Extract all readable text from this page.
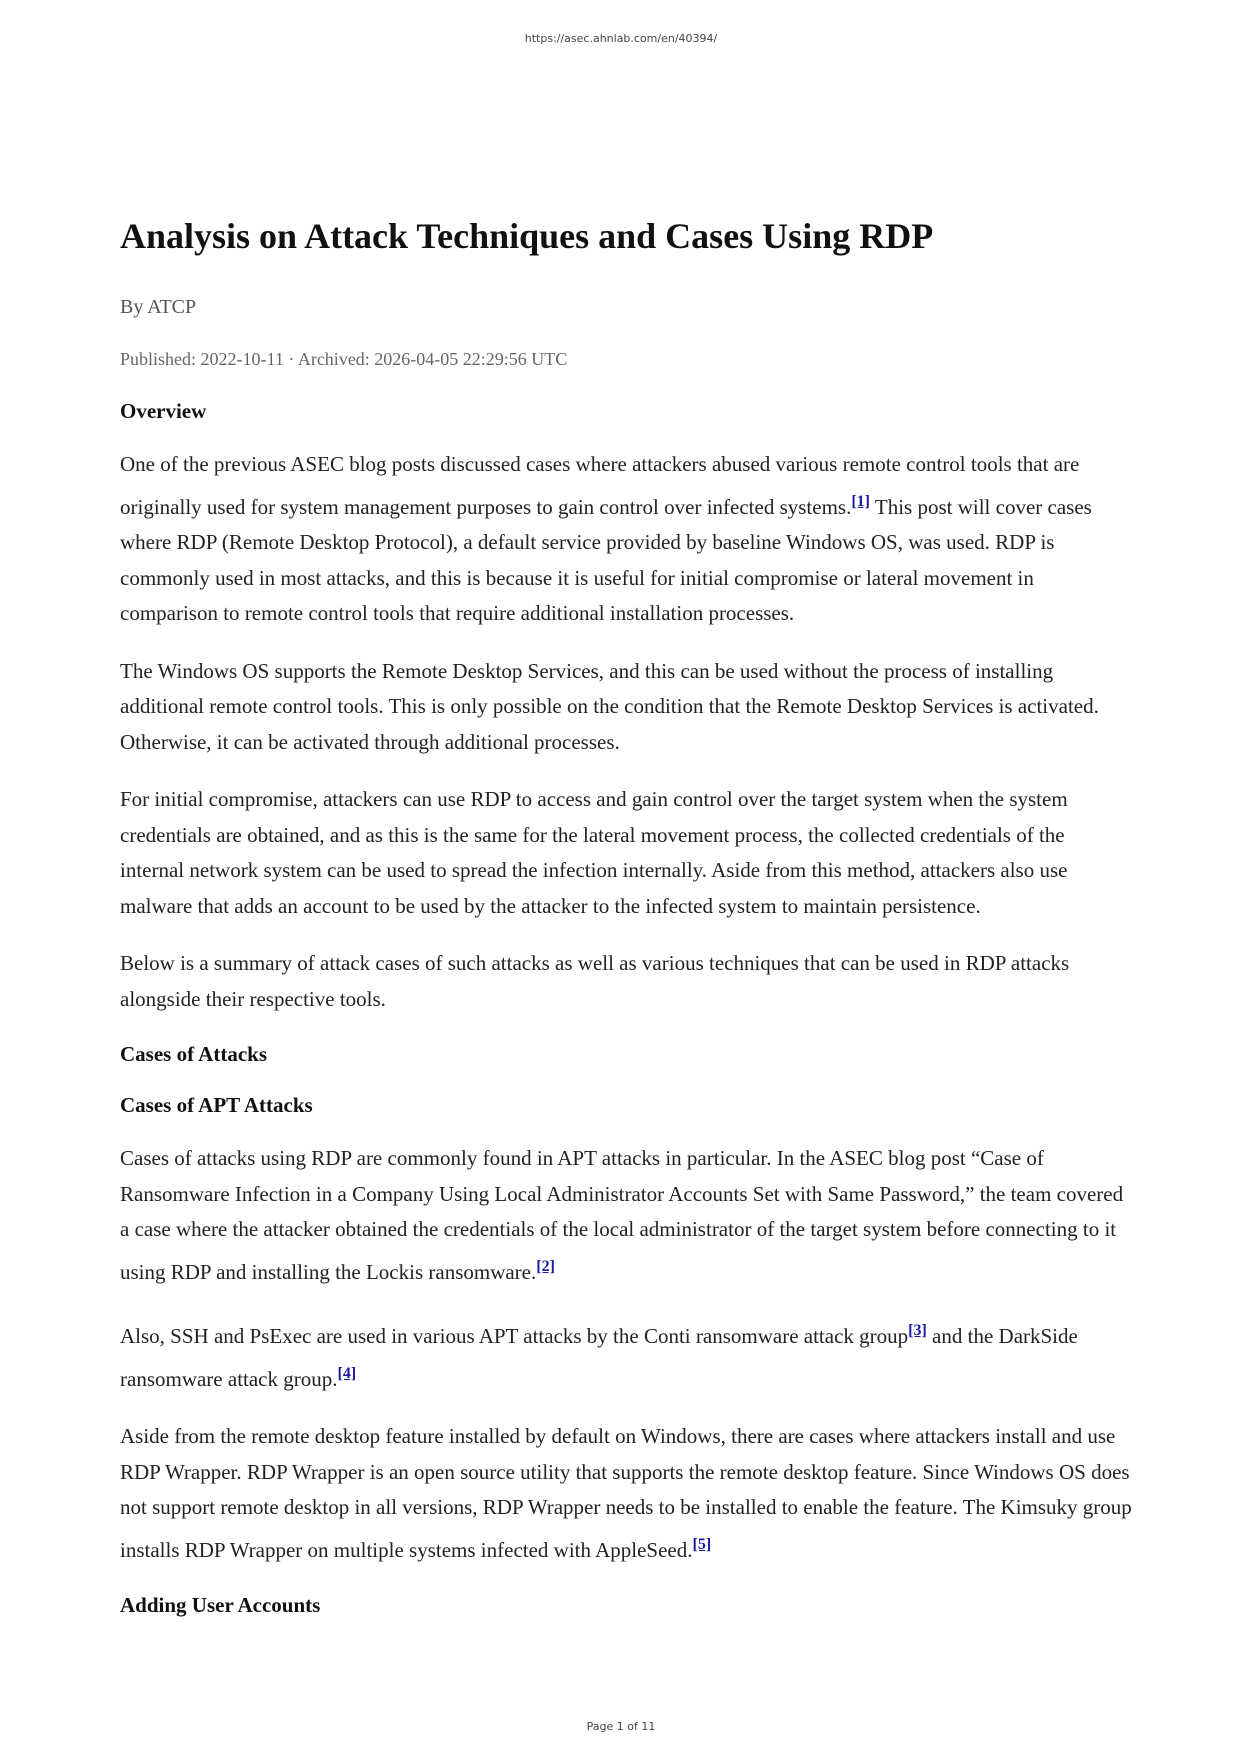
https://asec.ahnlab.com/en/40394/
Analysis on Attack Techniques and Cases Using RDP
By ATCP
Published: 2022-10-11 · Archived: 2026-04-05 22:29:56 UTC
Overview

One of the previous ASEC blog posts discussed cases where attackers abused various remote control tools that are originally used for system management purposes to gain control over infected systems.[1] This post will cover cases where RDP (Remote Desktop Protocol), a default service provided by baseline Windows OS, was used. RDP is commonly used in most attacks, and this is because it is useful for initial compromise or lateral movement in comparison to remote control tools that require additional installation processes.

The Windows OS supports the Remote Desktop Services, and this can be used without the process of installing additional remote control tools. This is only possible on the condition that the Remote Desktop Services is activated. Otherwise, it can be activated through additional processes.

For initial compromise, attackers can use RDP to access and gain control over the target system when the system credentials are obtained, and as this is the same for the lateral movement process, the collected credentials of the internal network system can be used to spread the infection internally. Aside from this method, attackers also use malware that adds an account to be used by the attacker to the infected system to maintain persistence.

Below is a summary of attack cases of such attacks as well as various techniques that can be used in RDP attacks alongside their respective tools.

Cases of Attacks
Cases of APT Attacks

Cases of attacks using RDP are commonly found in APT attacks in particular. In the ASEC blog post “Case of Ransomware Infection in a Company Using Local Administrator Accounts Set with Same Password,” the team covered a case where the attacker obtained the credentials of the local administrator of the target system before connecting to it using RDP and installing the Lockis ransomware.[2]

Also, SSH and PsExec are used in various APT attacks by the Conti ransomware attack group[3] and the DarkSide ransomware attack group.[4]

Aside from the remote desktop feature installed by default on Windows, there are cases where attackers install and use RDP Wrapper. RDP Wrapper is an open source utility that supports the remote desktop feature. Since Windows OS does not support remote desktop in all versions, RDP Wrapper needs to be installed to enable the feature. The Kimsuky group installs RDP Wrapper on multiple systems infected with AppleSeed.[5]

Adding User Accounts
Page 1 of 11
